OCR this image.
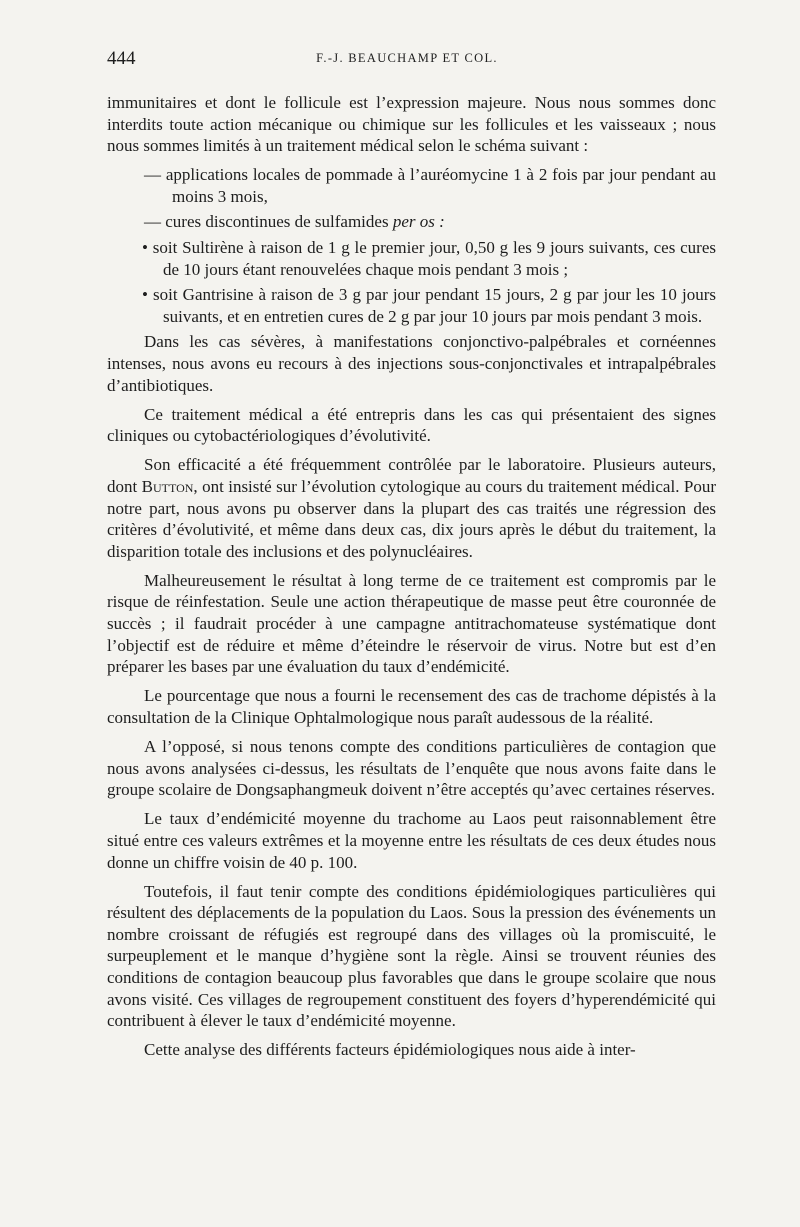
444	F.-J. BEAUCHAMP ET COL.

immunitaires et dont le follicule est l’expression majeure. Nous nous sommes donc interdits toute action mécanique ou chimique sur les follicules et les vaisseaux ; nous nous sommes limités à un traitement médical selon le schéma suivant :

— applications locales de pommade à l’auréomycine 1 à 2 fois par jour pendant au moins 3 mois,

— cures discontinues de sulfamides per os :

• soit Sultirène à raison de 1 g le premier jour, 0,50 g les 9 jours suivants, ces cures de 10 jours étant renouvelées chaque mois pendant 3 mois ;

• soit Gantrisine à raison de 3 g par jour pendant 15 jours, 2 g par jour les 10 jours suivants, et en entretien cures de 2 g par jour 10 jours par mois pendant 3 mois.

Dans les cas sévères, à manifestations conjonctivo-palpébrales et cornéennes intenses, nous avons eu recours à des injections sous-conjonctivales et intrapalpébrales d’antibiotiques.

Ce traitement médical a été entrepris dans les cas qui présentaient des signes cliniques ou cytobactériologiques d’évolutivité.

Son efficacité a été fréquemment contrôlée par le laboratoire. Plusieurs auteurs, dont Button, ont insisté sur l’évolution cytologique au cours du traitement médical. Pour notre part, nous avons pu observer dans la plupart des cas traités une régression des critères d’évolutivité, et même dans deux cas, dix jours après le début du traitement, la disparition totale des inclusions et des polynucléaires.

Malheureusement le résultat à long terme de ce traitement est compromis par le risque de réinfestation. Seule une action thérapeutique de masse peut être couronnée de succès ; il faudrait procéder à une campagne antitrachomateuse systématique dont l’objectif est de réduire et même d’éteindre le réservoir de virus. Notre but est d’en préparer les bases par une évaluation du taux d’endémicité.

Le pourcentage que nous a fourni le recensement des cas de trachome dépistés à la consultation de la Clinique Ophtalmologique nous paraît audessous de la réalité.

A l’opposé, si nous tenons compte des conditions particulières de contagion que nous avons analysées ci-dessus, les résultats de l’enquête que nous avons faite dans le groupe scolaire de Dongsaphangmeuk doivent n’être acceptés qu’avec certaines réserves.

Le taux d’endémicité moyenne du trachome au Laos peut raisonnablement être situé entre ces valeurs extrêmes et la moyenne entre les résultats de ces deux études nous donne un chiffre voisin de 40 p. 100.

Toutefois, il faut tenir compte des conditions épidémiologiques particulières qui résultent des déplacements de la population du Laos. Sous la pression des événements un nombre croissant de réfugiés est regroupé dans des villages où la promiscuité, le surpeuplement et le manque d’hygiène sont la règle. Ainsi se trouvent réunies des conditions de contagion beaucoup plus favorables que dans le groupe scolaire que nous avons visité. Ces villages de regroupement constituent des foyers d’hyperendémicité qui contribuent à élever le taux d’endémicité moyenne.

Cette analyse des différents facteurs épidémiologiques nous aide à inter-
